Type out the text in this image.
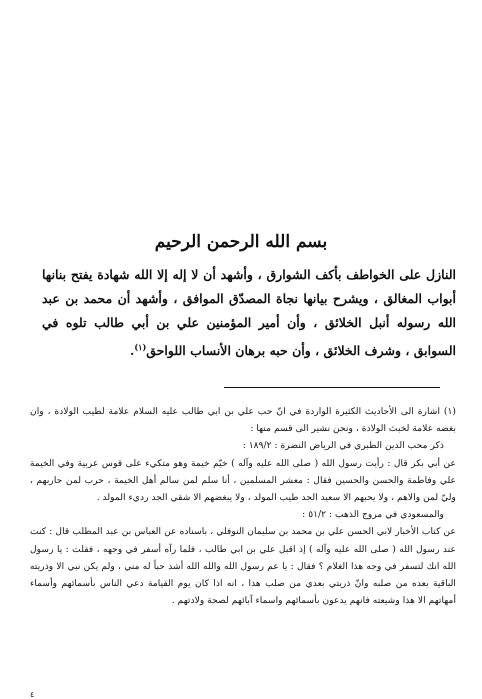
بسم الله الرحمن الرحيم

النازل على الخواطف بأكف الشوارق ، وأشهد أن لا إله إلا الله شهادة يفتح بنانها أبواب المغالق ، ويشرح بيانها نجاة المصدّق الموافق ، وأشهد أن محمد بن عبد الله رسوله أنبل الخلائق ، وأن أمير المؤمنين علي بن أبي طالب تلوه في السوابق ، وشرف الخلائق ، وأن حبه برهان الأنساب اللواحق$^{(١)}$.

(١) اشارة الى الأحاديث الكثيرة الواردة في انّ حب علي بن ابي طالب عليه السلام علامة لطيب الولادة ، وان بغضه علامة لخبث الولادة ، ونحن نشير الى قسم منها :

ذكر محب الدين الطبري في الرياض النضرة : ١٨٩/٢ :

عن أبي بكر قال : رأيت رسول الله ( صلى الله عليه وآله ) خيّم خيمة وهو متكيء على قوس عربية وفي الخيمة علي وفاطمة والحسن والحسين فقال : معشر المسلمين ، أنا سلم لمن سالم أهل الخيمة ، حرب لمن حاربهم ، وليّ لمن والاهم ، ولا يحبهم الا سعيد الجد طيب المولد ، ولا يبغضهم الا شقي الجد رديء المولد .

والمسعودي في مروج الذهب : ٥١/٢ :

عن كتاب الأخبار لابي الحسن علي بن محمد بن سليمان النوفلي ، باسناده عن العباس بن عبد المطلب قال : كنت عند رسول الله ( صلى الله عليه وآله ) إذ اقبل علي بن ابي طالب ، فلما رآه أسفر في وجهه ، فقلت : يا رسول الله انك لتسفر في وجه هذا الغلام ؟ فقال : يا عم رسول الله والله الله أشد حباً له مني ، ولم يكن نبي الا وذريته الباقية بعده من صلبه وانّ ذريتي بعدي من صلب هذا ، انه اذا كان يوم القيامة دعي الناس بأسمائهم وأسماء أمهاتهم الا هذا وشيعته فانهم يدعون بأسمائهم واسماء آبائهم لصحة ولادتهم .

٤
